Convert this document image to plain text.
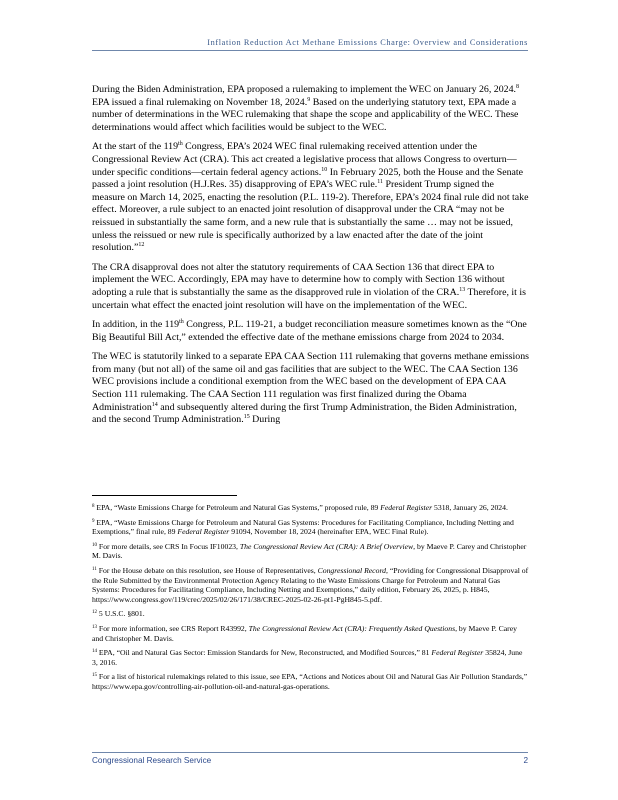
Inflation Reduction Act Methane Emissions Charge: Overview and Considerations

During the Biden Administration, EPA proposed a rulemaking to implement the WEC on January 26, 2024.$^8$ EPA issued a final rulemaking on November 18, 2024.$^9$ Based on the underlying statutory text, EPA made a number of determinations in the WEC rulemaking that shape the scope and applicability of the WEC. These determinations would affect which facilities would be subject to the WEC.

At the start of the 119th Congress, EPA’s 2024 WEC final rulemaking received attention under the Congressional Review Act (CRA). This act created a legislative process that allows Congress to overturn—under specific conditions—certain federal agency actions.$^{10}$ In February 2025, both the House and the Senate passed a joint resolution (H.J.Res. 35) disapproving of EPA’s WEC rule.$^{11}$ President Trump signed the measure on March 14, 2025, enacting the resolution (P.L. 119-2). Therefore, EPA’s 2024 final rule did not take effect. Moreover, a rule subject to an enacted joint resolution of disapproval under the CRA “may not be reissued in substantially the same form, and a new rule that is substantially the same … may not be issued, unless the reissued or new rule is specifically authorized by a law enacted after the date of the joint resolution.”$^{12}$

The CRA disapproval does not alter the statutory requirements of CAA Section 136 that direct EPA to implement the WEC. Accordingly, EPA may have to determine how to comply with Section 136 without adopting a rule that is substantially the same as the disapproved rule in violation of the CRA.$^{13}$ Therefore, it is uncertain what effect the enacted joint resolution will have on the implementation of the WEC.

In addition, in the 119th Congress, P.L. 119-21, a budget reconciliation measure sometimes known as the “One Big Beautiful Bill Act,” extended the effective date of the methane emissions charge from 2024 to 2034.

The WEC is statutorily linked to a separate EPA CAA Section 111 rulemaking that governs methane emissions from many (but not all) of the same oil and gas facilities that are subject to the WEC. The CAA Section 136 WEC provisions include a conditional exemption from the WEC based on the development of EPA CAA Section 111 rulemaking. The CAA Section 111 regulation was first finalized during the Obama Administration$^{14}$ and subsequently altered during the first Trump Administration, the Biden Administration, and the second Trump Administration.$^{15}$ During

$^8$ EPA, “Waste Emissions Charge for Petroleum and Natural Gas Systems,” proposed rule, 89 Federal Register 5318, January 26, 2024.

$^9$ EPA, “Waste Emissions Charge for Petroleum and Natural Gas Systems: Procedures for Facilitating Compliance, Including Netting and Exemptions,” final rule, 89 Federal Register 91094, November 18, 2024 (hereinafter EPA, WEC Final Rule).

$^{10}$ For more details, see CRS In Focus IF10023, The Congressional Review Act (CRA): A Brief Overview, by Maeve P. Carey and Christopher M. Davis.

$^{11}$ For the House debate on this resolution, see House of Representatives, Congressional Record, “Providing for Congressional Disapproval of the Rule Submitted by the Environmental Protection Agency Relating to the Waste Emissions Charge for Petroleum and Natural Gas Systems: Procedures for Facilitating Compliance, Including Netting and Exemptions,” daily edition, February 26, 2025, p. H845, https://www.congress.gov/119/crec/2025/02/26/171/38/CREC-2025-02-26-pt1-PgH845-5.pdf.

$^{12}$ 5 U.S.C. §801.

$^{13}$ For more information, see CRS Report R43992, The Congressional Review Act (CRA): Frequently Asked Questions, by Maeve P. Carey and Christopher M. Davis.

$^{14}$ EPA, “Oil and Natural Gas Sector: Emission Standards for New, Reconstructed, and Modified Sources,” 81 Federal Register 35824, June 3, 2016.

$^{15}$ For a list of historical rulemakings related to this issue, see EPA, “Actions and Notices about Oil and Natural Gas Air Pollution Standards,” https://www.epa.gov/controlling-air-pollution-oil-and-natural-gas-operations.

Congressional Research Service	2
